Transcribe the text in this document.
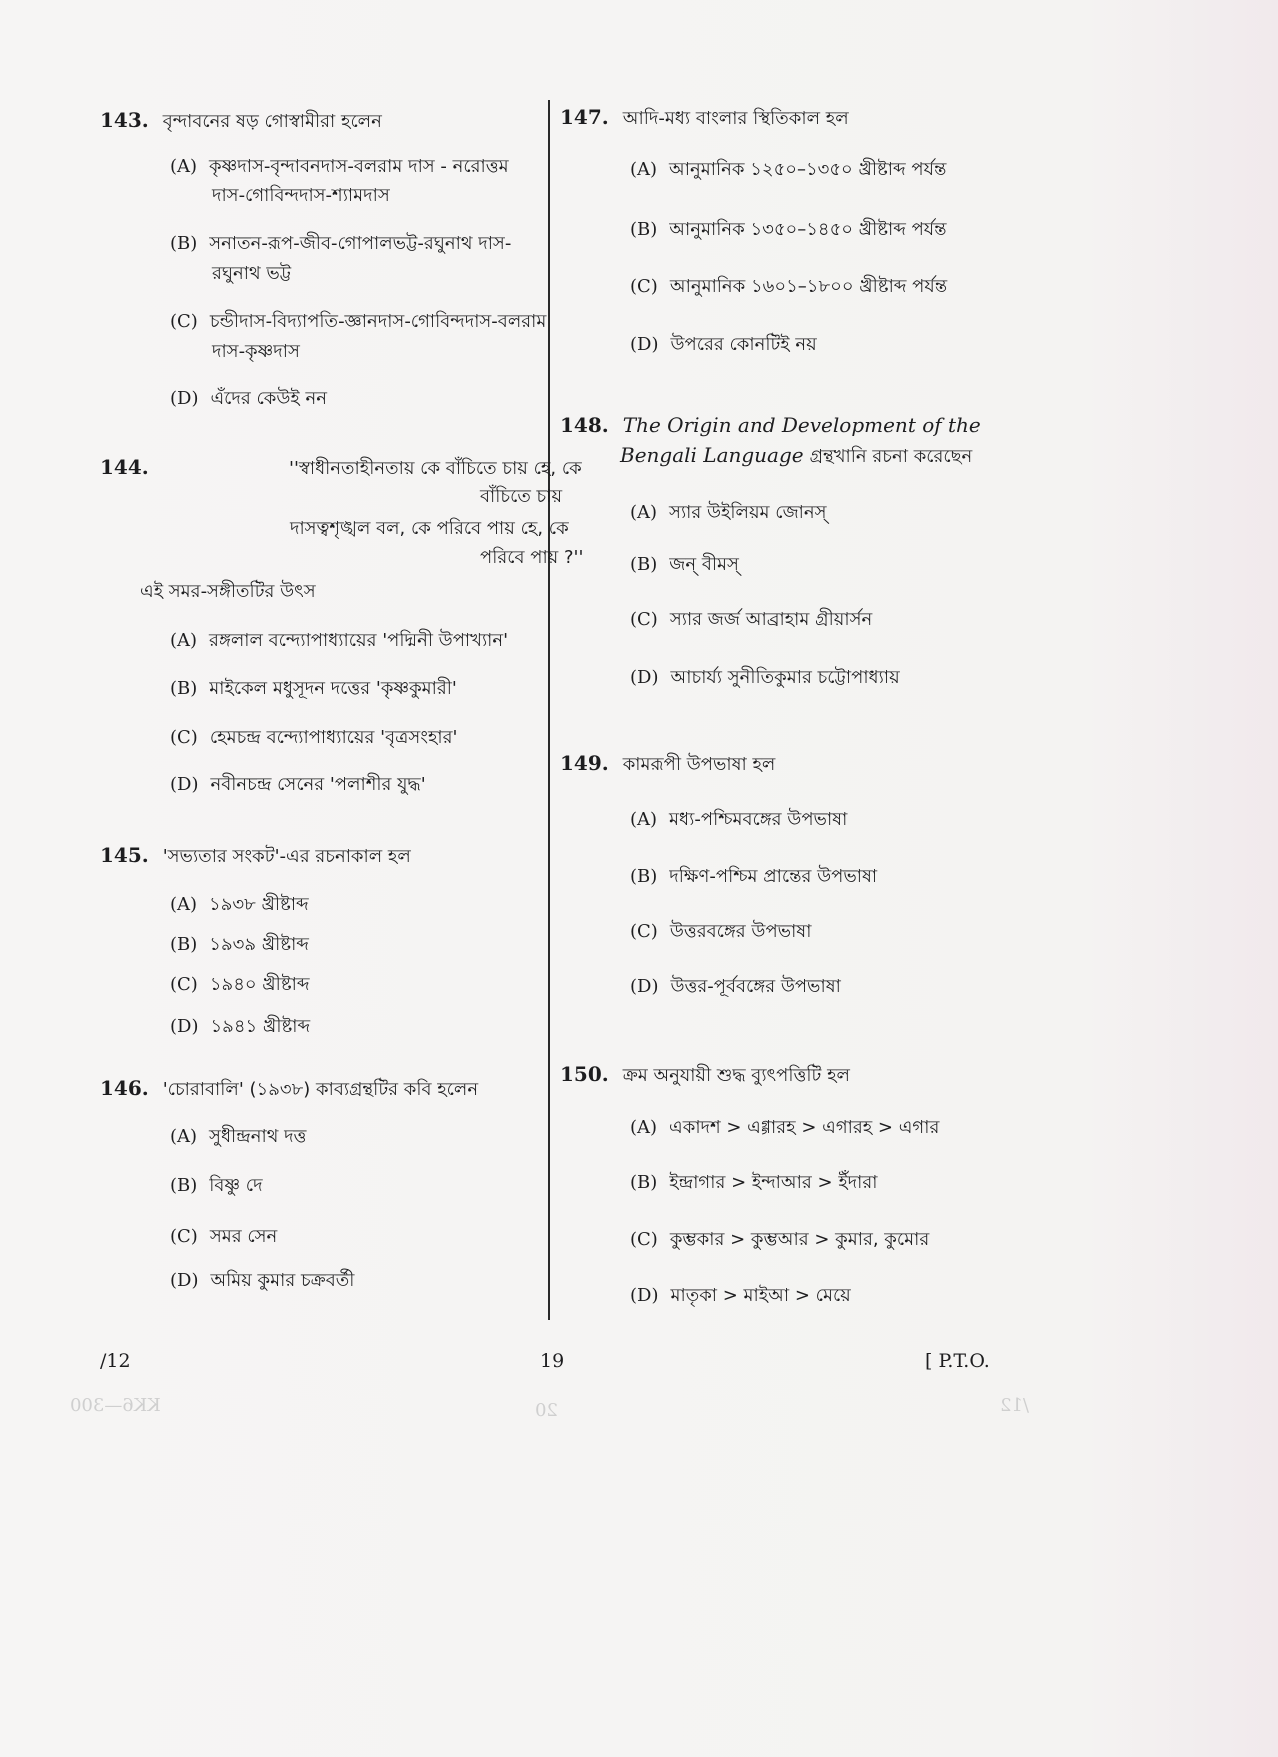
143. বৃন্দাবনের ষড় গোস্বামীরা হলেন
(A) কৃষ্ণদাস-বৃন্দাবনদাস-বলরাম দাস - নরোত্তম
দাস-গোবিন্দদাস-শ্যামদাস
(B) সনাতন-রূপ-জীব-গোপালভট্ট-রঘুনাথ দাস-
রঘুনাথ ভট্ট
(C) চন্ডীদাস-বিদ্যাপতি-জ্ঞানদাস-গোবিন্দদাস-বলরাম
দাস-কৃষ্ণদাস
(D) এঁদের কেউই নন
144.	''স্বাধীনতাহীনতায় কে বাঁচিতে চায় হে, কে
বাঁচিতে চায়
দাসত্বশৃঙ্খল বল, কে পরিবে পায় হে, কে
পরিবে পায় ?''
এই সমর-সঙ্গীতটির উৎস
(A) রঙ্গলাল বন্দ্যোপাধ্যায়ের 'পদ্মিনী উপাখ্যান'
(B) মাইকেল মধুসূদন দত্তের 'কৃষ্ণকুমারী'
(C) হেমচন্দ্র বন্দ্যোপাধ্যায়ের 'বৃত্রসংহার'
(D) নবীনচন্দ্র সেনের 'পলাশীর যুদ্ধ'
145. 'সভ্যতার সংকট'-এর রচনাকাল হল
(A) ১৯৩৮ খ্রীষ্টাব্দ
(B) ১৯৩৯ খ্রীষ্টাব্দ
(C) ১৯৪০ খ্রীষ্টাব্দ
(D) ১৯৪১ খ্রীষ্টাব্দ
146. 'চোরাবালি' (১৯৩৮) কাব্যগ্রন্থটির কবি হলেন
(A) সুধীন্দ্রনাথ দত্ত
(B) বিষ্ণু দে
(C) সমর সেন
(D) অমিয় কুমার চক্রবর্তী
147. আদি-মধ্য বাংলার স্থিতিকাল হল
(A) আনুমানিক ১২৫০–১৩৫০ খ্রীষ্টাব্দ পর্যন্ত
(B) আনুমানিক ১৩৫০–১৪৫০ খ্রীষ্টাব্দ পর্যন্ত
(C) আনুমানিক ১৬০১–১৮০০ খ্রীষ্টাব্দ পর্যন্ত
(D) উপরের কোনটিই নয়
148. The Origin and Development of the
Bengali Language গ্রন্থখানি রচনা করেছেন
(A) স্যার উইলিয়ম জোনস্
(B) জন্ বীমস্
(C) স্যার জর্জ আব্রাহাম গ্রীয়ার্সন
(D) আচার্য্য সুনীতিকুমার চট্টোপাধ্যায়
149. কামরূপী উপভাষা হল
(A) মধ্য-পশ্চিমবঙ্গের উপভাষা
(B) দক্ষিণ-পশ্চিম প্রান্তের উপভাষা
(C) উত্তরবঙ্গের উপভাষা
(D) উত্তর-পূর্ববঙ্গের উপভাষা
150. ক্রম অনুযায়ী শুদ্ধ ব্যুৎপত্তিটি হল
(A) একাদশ > এগ্গারহ > এগারহ > এগার
(B) ইন্দ্রাগার > ইন্দাআর > ইঁদারা
(C) কুম্ভকার > কুম্ভআর > কুমার, কুমোর
(D) মাতৃকা > মাইআ > মেয়ে
/12	19	[ P.T.O.
KK6—300	20	/12
